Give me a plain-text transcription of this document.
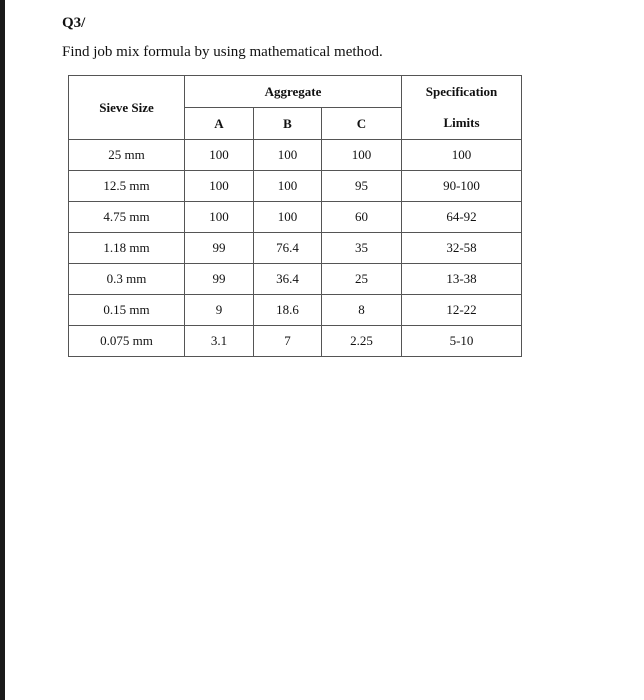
Q3/
Find job mix formula by using mathematical method.
Sieve Size	Aggregate			Specification
	A	B	C	Limits
25 mm	100	100	100	100
12.5 mm	100	100	95	90-100
4.75 mm	100	100	60	64-92
1.18 mm	99	76.4	35	32-58
0.3 mm	99	36.4	25	13-38
0.15 mm	9	18.6	8	12-22
0.075 mm	3.1	7	2.25	5-10
